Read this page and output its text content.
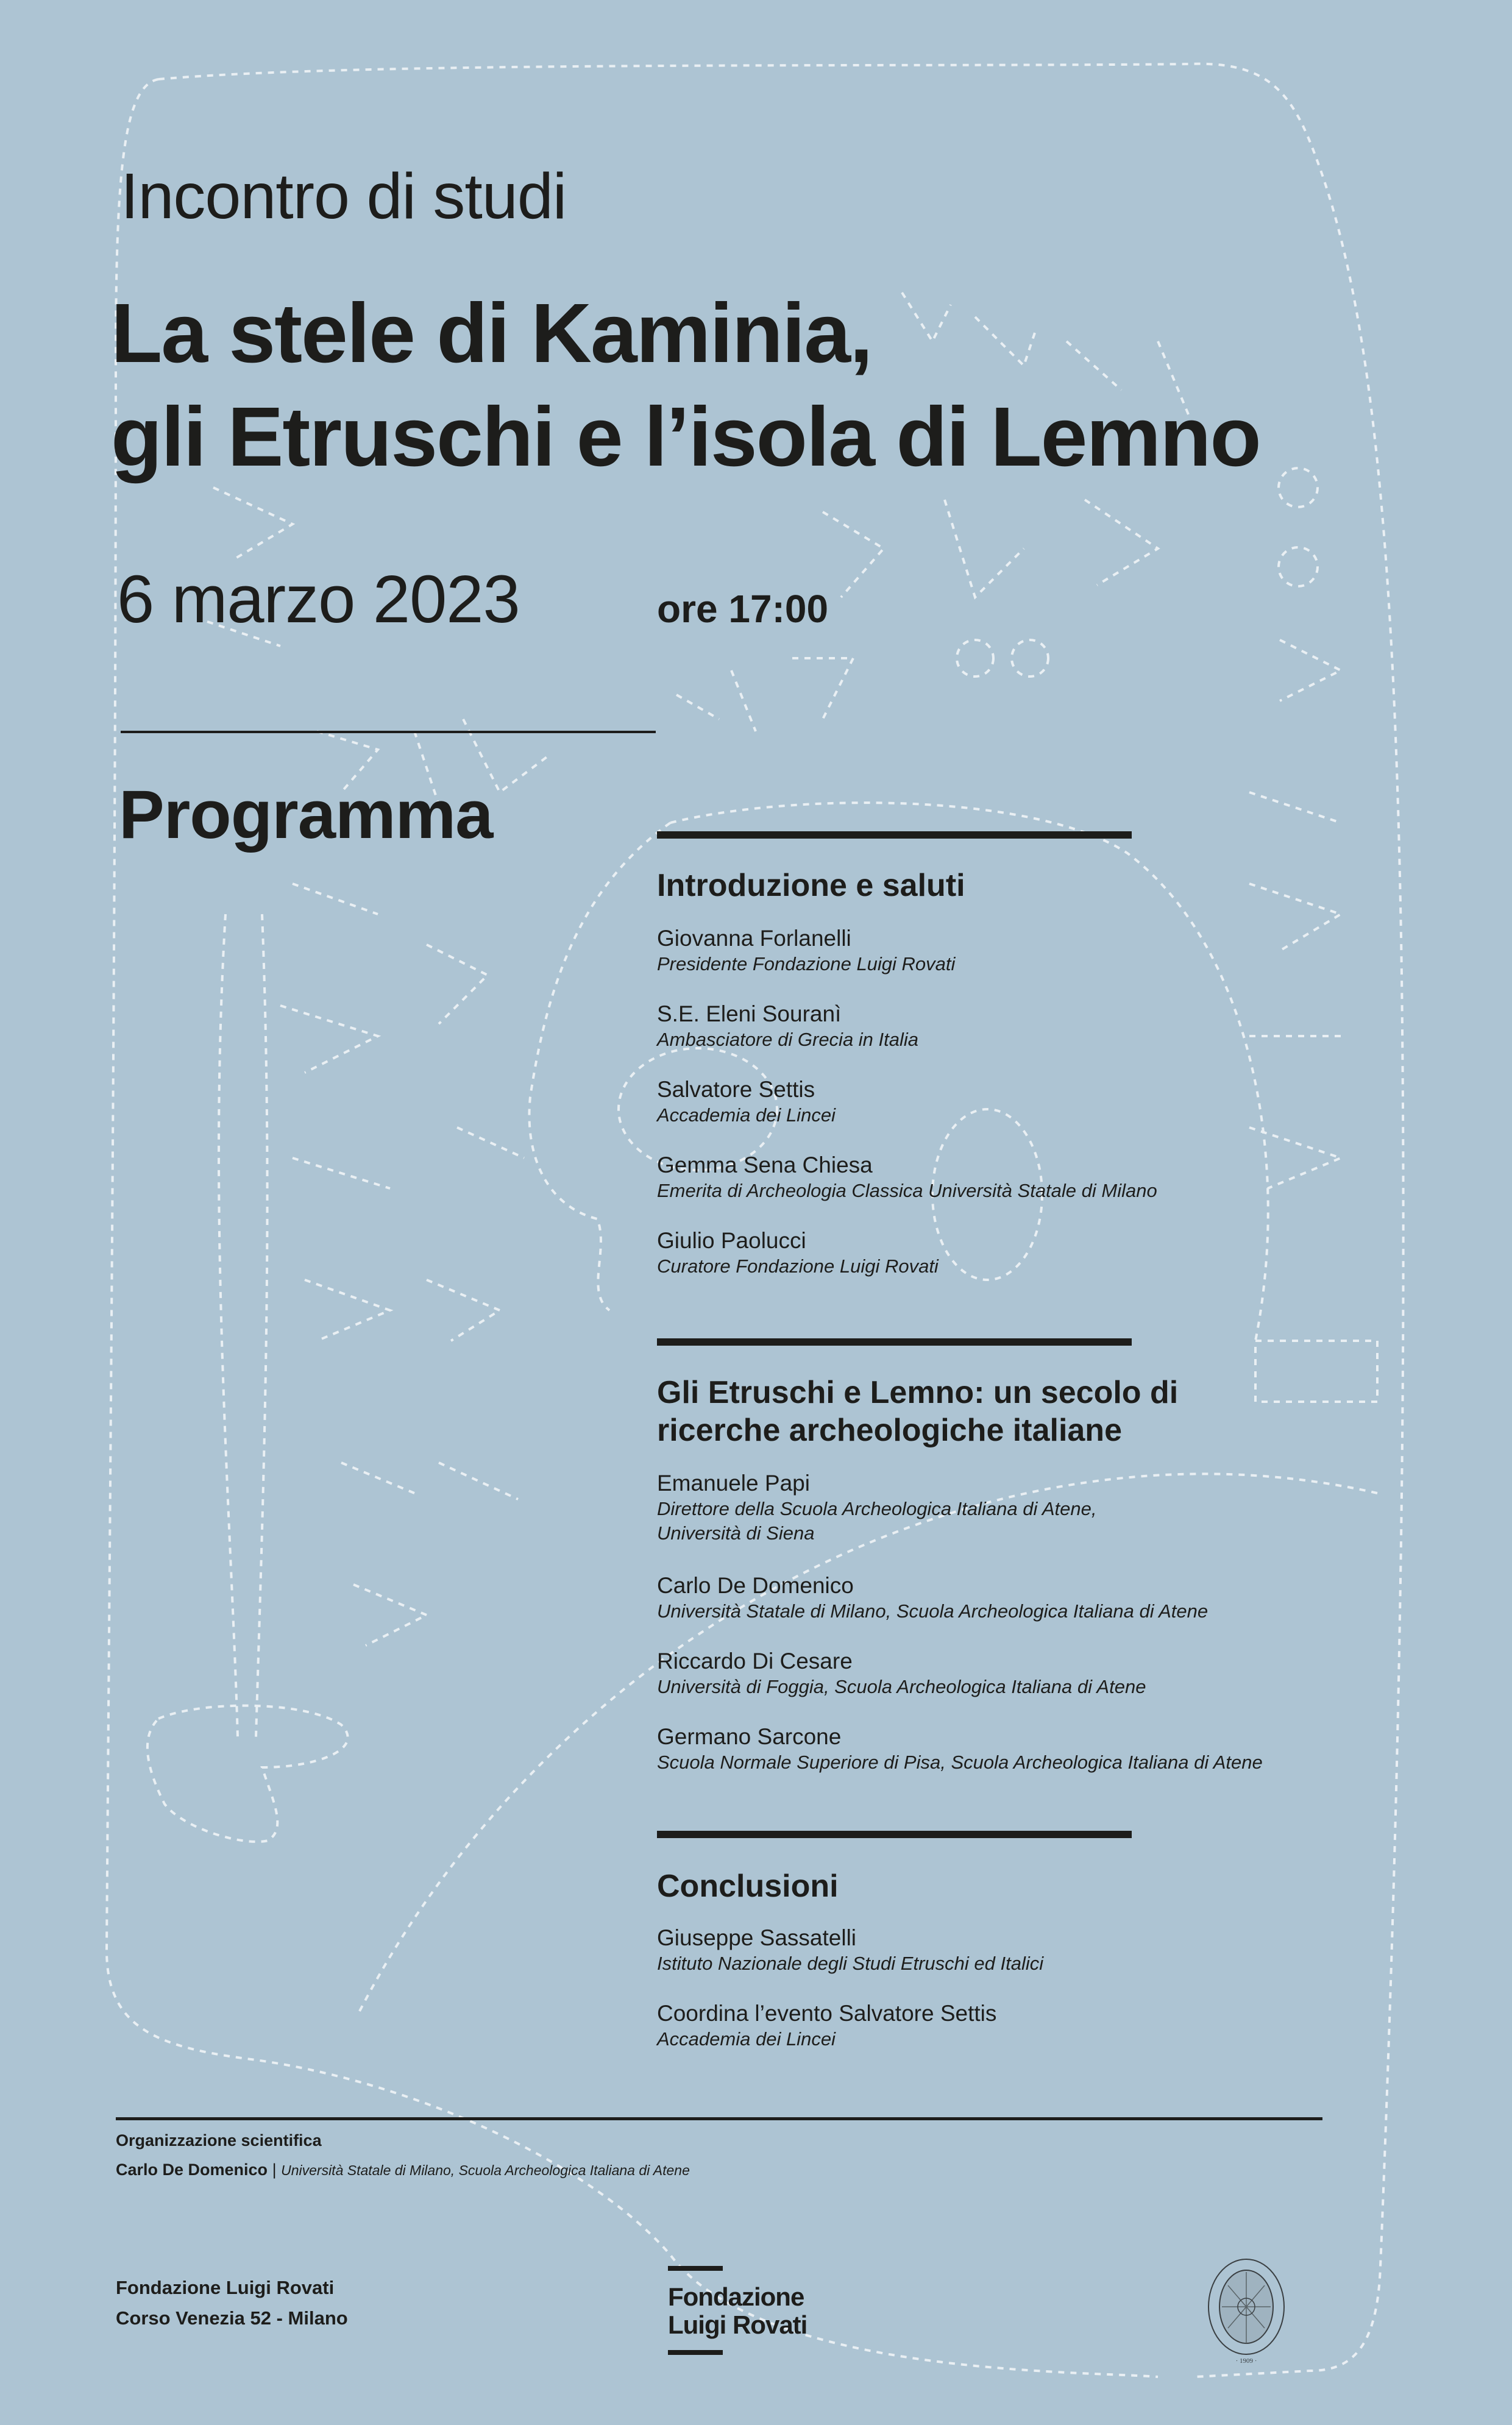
Incontro di studi
La stele di Kaminia,
gli Etruschi e l’isola di Lemno
6 marzo 2023	ore 17:00
Programma
Introduzione e saluti
Giovanna Forlanelli
Presidente Fondazione Luigi Rovati
S.E. Eleni Souranì
Ambasciatore di Grecia in Italia
Salvatore Settis
Accademia dei Lincei
Gemma Sena Chiesa
Emerita di Archeologia Classica Università Statale di Milano
Giulio Paolucci
Curatore Fondazione Luigi Rovati
Gli Etruschi e Lemno: un secolo di
ricerche archeologiche italiane
Emanuele Papi
Direttore della Scuola Archeologica Italiana di Atene,
Università di Siena
Carlo De Domenico
Università Statale di Milano, Scuola Archeologica Italiana di Atene
Riccardo Di Cesare
Università di Foggia, Scuola Archeologica Italiana di Atene
Germano Sarcone
Scuola Normale Superiore di Pisa, Scuola Archeologica Italiana di Atene
Conclusioni
Giuseppe Sassatelli
Istituto Nazionale degli Studi Etruschi ed Italici
Coordina l’evento Salvatore Settis
Accademia dei Lincei
Organizzazione scientifica
Carlo De Domenico | Università Statale di Milano, Scuola Archeologica Italiana di Atene
Fondazione Luigi Rovati
Corso Venezia 52 - Milano
Fondazione
Luigi Rovati
· 1909 ·
